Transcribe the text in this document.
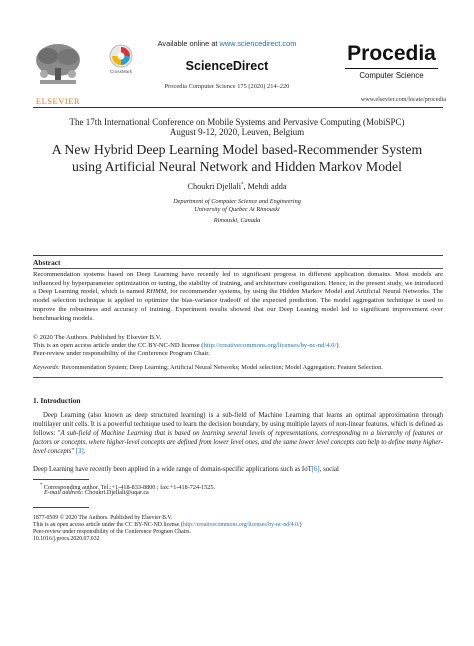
ELSEVIER
CrossMark
Available online at www.sciencedirect.com
ScienceDirect
Procedia Computer Science 175 (2020) 214–220
Procedia
Computer Science
www.elsevier.com/locate/procedia
The 17th International Conference on Mobile Systems and Pervasive Computing (MobiSPC)
August 9-12, 2020, Leuven, Belgium
A New Hybrid Deep Learning Model based-Recommender System
using Artificial Neural Network and Hidden Markov Model
Choukri Djellali*, Mehdi adda
Department of Computer Science and Engineering
University of Quebec At Rimouski
Rimouski, Canada
Abstract
Recommendation systems based on Deep Learning have recently led to significant progress in different application domains. Most models are influenced by hyperparameter optimization or tuning, the stability of training, and architecture configuration. Hence, in the present study, we introduced a Deep Learning model, which is named RHMM, for recommender systems, by using the Hidden Markov Model and Artificial Neural Networks. The model selection technique is applied to optimize the bias-variance tradeoff of the expected prediction. The model aggregation technique is used to improve the robustness and accuracy of training. Experiment results showed that our Deep Leaning model led to significant improvement over benchmarking models.
© 2020 The Authors. Published by Elsevier B.V.
This is an open access article under the CC BY-NC-ND license (http://creativecommons.org/licenses/by-nc-nd/4.0/)
Peer-review under responsibility of the Conference Program Chair.
Keywords: Recommendation System; Deep Learning; Artificial Neural Networks; Model selection; Model Aggregation; Feature Selection.
1. Introduction
Deep Learning (also known as deep structured learning) is a sub-field of Machine Learning that learns an optimal approximation through multilayer unit cells. It is a powerful technique used to learn the decision boundary, by using multiple layers of non-linear features, which is defined as follows: "A sub-field of Machine Learning that is based on learning several levels of representations, corresponding to a hierarchy of features or factors or concepts, where higher-level concepts are defined from lower level ones, and the same lower level concepts can help to define many higher-level concepts" [3].
Deep Learning have recently been applied in a wide range of domain-specific applications such as IoT[6], social
* Corresponding author. Tel.:+1-418-833-8800 ; fax:+1-418-724-1525.
E-mail address: Choukri.Djellali@uqar.ca
1877-0509 © 2020 The Authors. Published by Elsevier B.V.
This is an open access article under the CC BY-NC-ND license (http://creativecommons.org/licenses/by-nc-nd/4.0/)
Peer-review under responsibility of the Conference Program Chairs.
10.1016/j.procs.2020.07.032
